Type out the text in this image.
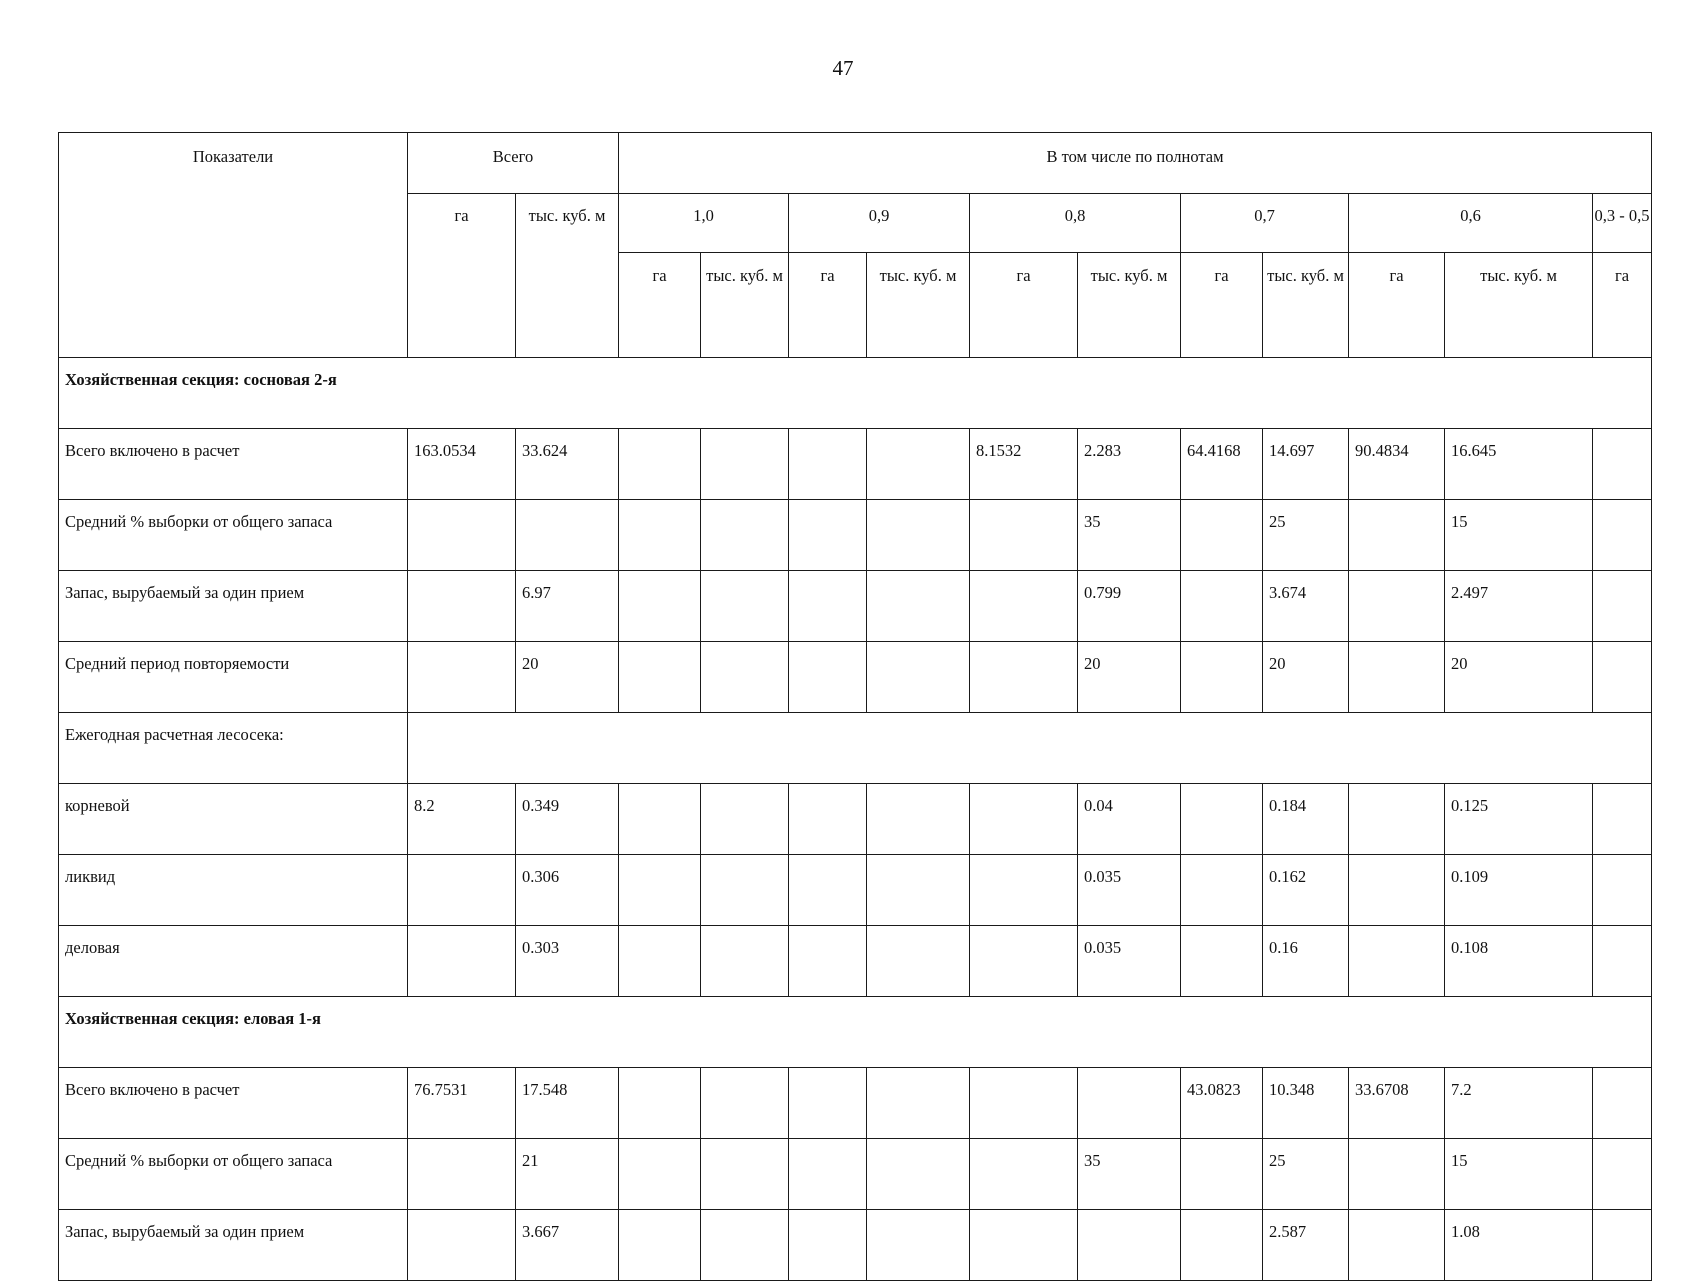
47
Показатели	Всего		В том числе по полнотам											
	га	тыс. куб. м	1,0		0,9		0,8		0,7		0,6		0,3 - 0,5	
			га	тыс. куб. м	га	тыс. куб. м	га	тыс. куб. м	га	тыс. куб. м	га	тыс. куб. м	га	
Хозяйственная секция: сосновая 2-я														
Всего включено в расчет	163.0534	33.624					8.1532	2.283	64.4168	14.697	90.4834	16.645		
Средний % выборки от общего запаса								35		25		15		
Запас, вырубаемый за один прием		6.97						0.799		3.674		2.497		
Средний период повторяемости		20						20		20		20		
Ежегодная расчетная лесосека:														
корневой	8.2	0.349						0.04		0.184		0.125		
ликвид		0.306						0.035		0.162		0.109		
деловая		0.303						0.035		0.16		0.108		
Хозяйственная секция: еловая 1-я														
Всего включено в расчет	76.7531	17.548							43.0823	10.348	33.6708	7.2		
Средний % выборки от общего запаса		21						35		25		15		
Запас, вырубаемый за один прием		3.667								2.587		1.08		
